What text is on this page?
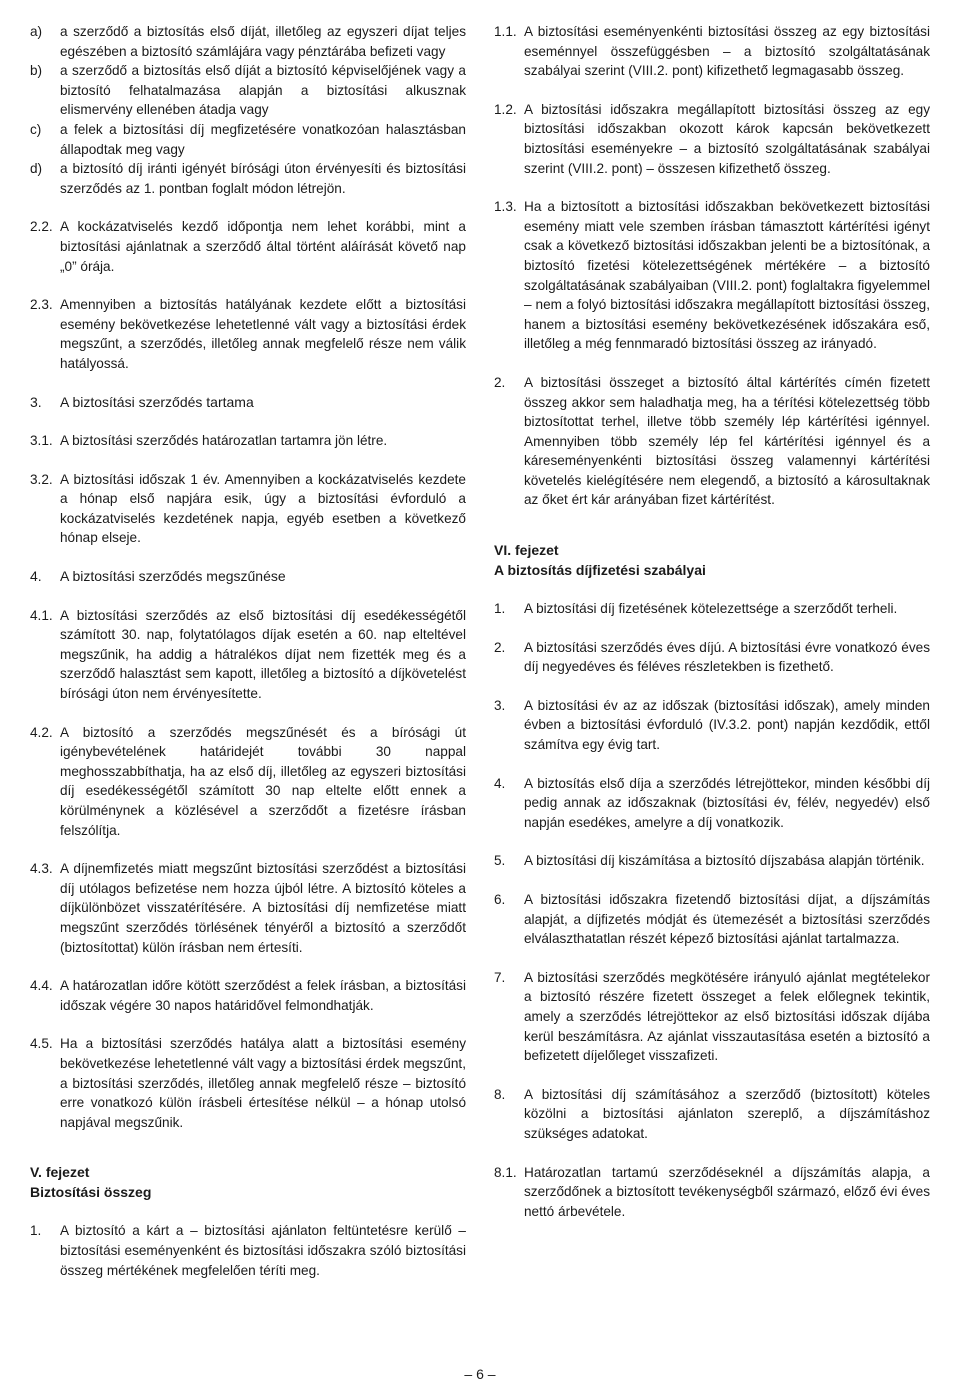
a)	a szerződő a biztosítás első díját, illetőleg az egyszeri díjat teljes egészében a biztosító számlájára vagy pénztárába befizeti vagy
b)	a szerződő a biztosítás első díját a biztosító képviselőjének vagy a biztosító felhatalmazása alapján a biztosítási alkusznak elismervény ellenében átadja vagy
c)	a felek a biztosítási díj megfizetésére vonatkozóan halasztásban állapodtak meg vagy
d)	a biztosító díj iránti igényét bírósági úton érvényesíti és biztosítási szerződés az 1. pontban foglalt módon létrejön.
2.2. A kockázatviselés kezdő időpontja nem lehet korábbi, mint a biztosítási ajánlatnak a szerződő által történt aláírását követő nap „0” órája.
2.3. Amennyiben a biztosítás hatályának kezdete előtt a biztosítási esemény bekövetkezése lehetetlenné vált vagy a biztosítási érdek megszűnt, a szerződés, illetőleg annak megfelelő része nem válik hatályossá.
3.	A biztosítási szerződés tartama
3.1. A biztosítási szerződés határozatlan tartamra jön létre.
3.2. A biztosítási időszak 1 év. Amennyiben a kockázatviselés kezdete a hónap első napjára esik, úgy a biztosítási évforduló a kockázatviselés kezdetének napja, egyéb esetben a következő hónap elseje.
4.	A biztosítási szerződés megszűnése
4.1. A biztosítási szerződés az első biztosítási díj esedékességétől számított 30. nap, folytatólagos díjak esetén a 60. nap elteltével megszűnik, ha addig a hátralékos díjat nem fizették meg és a szerződő halasztást sem kapott, illetőleg a biztosító a díjkövetelést bírósági úton nem érvényesítette.
4.2. A biztosító a szerződés megszűnését és a bírósági út igénybevételének határidejét további 30 nappal meghosszabbíthatja, ha az első díj, illetőleg az egyszeri biztosítási díj esedékességétől számított 30 nap eltelte előtt ennek a körülménynek a közlésével a szerződőt a fizetésre írásban felszólítja.
4.3. A díjnemfizetés miatt megszűnt biztosítási szerződést a biztosítási díj utólagos befizetése nem hozza újból létre. A biztosító köteles a díjkülönbözet visszatérítésére. A biztosítási díj nemfizetése miatt megszűnt szerződés törlésének tényéről a biztosító a szerződőt (biztosítottat) külön írásban nem értesíti.
4.4. A határozatlan időre kötött szerződést a felek írásban, a biztosítási időszak végére 30 napos határidővel felmondhatják.
4.5. Ha a biztosítási szerződés hatálya alatt a biztosítási esemény bekövetkezése lehetetlenné vált vagy a biztosítási érdek megszűnt, a biztosítási szerződés, illetőleg annak megfelelő része – biztosító erre vonatkozó külön írásbeli értesítése nélkül – a hónap utolsó napjával megszűnik.
V. fejezet
Biztosítási összeg
1.	A biztosító a kárt a – biztosítási ajánlaton feltüntetésre kerülő – biztosítási eseményenként és biztosítási időszakra szóló biztosítási összeg mértékének megfelelően téríti meg.
1.1. A biztosítási eseményenkénti biztosítási összeg az egy biztosítási eseménnyel összefüggésben – a biztosító szolgáltatásának szabályai szerint (VIII.2. pont) kifizethető legmagasabb összeg.
1.2. A biztosítási időszakra megállapított biztosítási összeg az egy biztosítási időszakban okozott károk kapcsán bekövetkezett biztosítási eseményekre – a biztosító szolgáltatásának szabályai szerint (VIII.2. pont) – összesen kifizethető összeg.
1.3. Ha a biztosított a biztosítási időszakban bekövetkezett biztosítási esemény miatt vele szemben írásban támasztott kártérítési igényt csak a következő biztosítási időszakban jelenti be a biztosítónak, a biztosító fizetési kötelezettségének mértékére – a biztosító szolgáltatásának szabályaiban (VIII.2. pont) foglaltakra figyelemmel – nem a folyó biztosítási időszakra megállapított biztosítási összeg, hanem a biztosítási esemény bekövetkezésének időszakára eső, illetőleg a még fennmaradó biztosítási összeg az irányadó.
2.	A biztosítási összeget a biztosító által kártérítés címén fizetett összeg akkor sem haladhatja meg, ha a térítési kötelezettség több biztosítottat terhel, illetve több személy lép kártérítési igénnyel. Amennyiben több személy lép fel kártérítési igénnyel és a káreseményenkénti biztosítási összeg valamennyi kártérítési követelés kielégítésére nem elegendő, a biztosító a károsultaknak az őket ért kár arányában fizet kártérítést.
VI. fejezet
A biztosítás díjfizetési szabályai
1.	A biztosítási díj fizetésének kötelezettsége a szerződőt terheli.
2.	A biztosítási szerződés éves díjú. A biztosítási évre vonatkozó éves díj negyedéves és féléves részletekben is fizethető.
3.	A biztosítási év az az időszak (biztosítási időszak), amely minden évben a biztosítási évforduló (IV.3.2. pont) napján kezdődik, ettől számítva egy évig tart.
4.	A biztosítás első díja a szerződés létrejöttekor, minden későbbi díj pedig annak az időszaknak (biztosítási év, félév, negyedév) első napján esedékes, amelyre a díj vonatkozik.
5.	A biztosítási díj kiszámítása a biztosító díjszabása alapján történik.
6.	A biztosítási időszakra fizetendő biztosítási díjat, a díjszámítás alapját, a díjfizetés módját és ütemezését a biztosítási szerződés elválaszthatatlan részét képező biztosítási ajánlat tartalmazza.
7.	A biztosítási szerződés megkötésére irányuló ajánlat megtételekor a biztosító részére fizetett összeget a felek előlegnek tekintik, amely a szerződés létrejöttekor az első biztosítási időszak díjába kerül beszámításra. Az ajánlat visszautasítása esetén a biztosító a befizetett díjelőleget visszafizeti.
8.	A biztosítási díj számításához a szerződő (biztosított) köteles közölni a biztosítási ajánlaton szereplő, a díjszámításhoz szükséges adatokat.
8.1. Határozatlan tartamú szerződéseknél a díjszámítás alapja, a szerződőnek a biztosított tevékenységből származó, előző évi éves nettó árbevétele.
– 6 –
